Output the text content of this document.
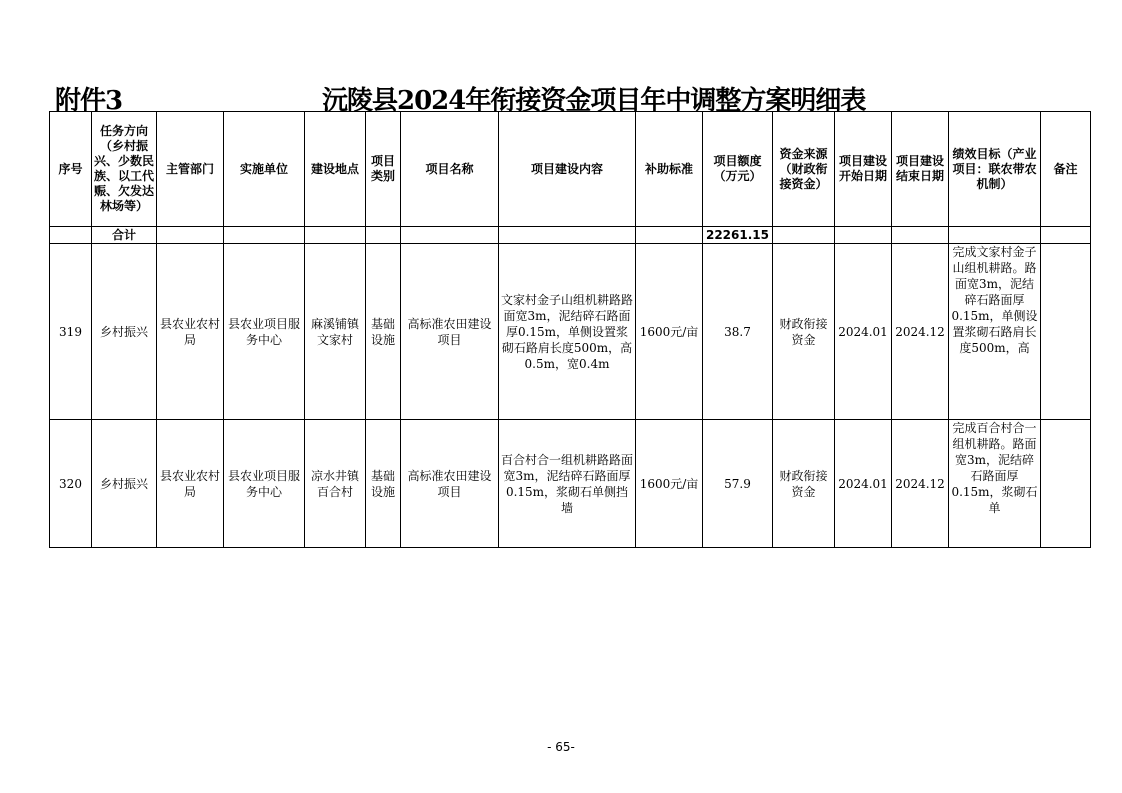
附件3	沅陵县2024年衔接资金项目年中调整方案明细表
序号	任务方向（乡村振兴、少数民族、以工代赈、欠发达林场等）	主管部门	实施单位	建设地点	项目类别	项目名称	项目建设内容	补助标准	项目额度（万元）	资金来源（财政衔接资金）	项目建设开始日期	项目建设结束日期	绩效目标（产业项目：联农带农机制）	备注
	合计								22261.15					
319	乡村振兴	县农业农村局	县农业项目服务中心	麻溪铺镇文家村	基础设施	高标准农田建设项目	文家村金子山组机耕路路面宽3m，泥结碎石路面厚0.15m，单侧设置浆砌石路肩长度500m，高0.5m，宽0.4m	1600元/亩	38.7	财政衔接资金	2024.01	2024.12	完成文家村金子山组机耕路。路面宽3m，泥结碎石路面厚0.15m，单侧设置浆砌石路肩长度500m，高	

320	乡村振兴	县农业农村局	县农业项目服务中心	凉水井镇百合村	基础设施	高标准农田建设项目	百合村合一组机耕路路面宽3m，泥结碎石路面厚0.15m，浆砌石单侧挡墙	1600元/亩	57.9	财政衔接资金	2024.01	2024.12	完成百合村合一组机耕路。路面宽3m，泥结碎石路面厚0.15m，浆砌石单	

- 65-
